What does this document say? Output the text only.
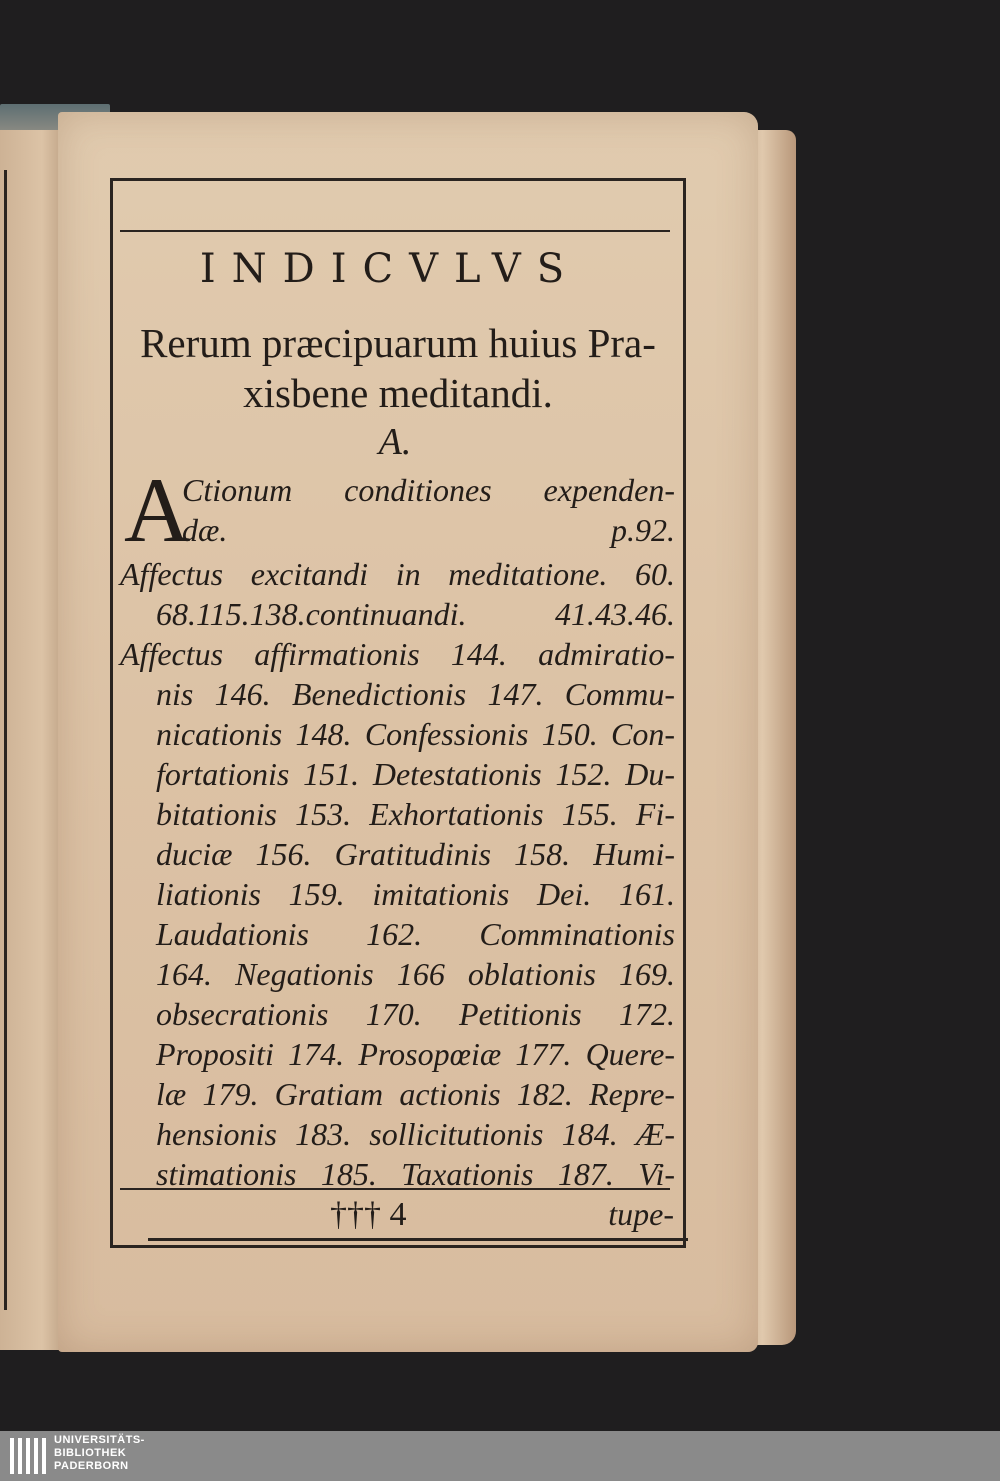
INDICVLVS
Rerum præcipuarum huius Pra-
xisbene meditandi.
A.
A
Ctionum conditiones expenden-
dæ. p.92.
Affectus excitandi in meditatione. 60.
68.115.138.continuandi. 41.43.46.
Affectus affirmationis 144. admiratio-
nis 146. Benedictionis 147. Commu-
nicationis 148. Confessionis 150. Con-
fortationis 151. Detestationis 152. Du-
bitationis 153. Exhortationis 155. Fi-
duciæ 156. Gratitudinis 158. Humi-
liationis 159. imitationis Dei. 161.
Laudationis 162. Comminationis
164. Negationis 166 oblationis 169.
obsecrationis 170. Petitionis 172.
Propositi 174. Prosopœiæ 177. Quere-
læ 179. Gratiam actionis 182. Repre-
hensionis 183. sollicitutionis 184. Æ-
stimationis 185. Taxationis 187. Vi-
††† 4	tupe-
UNIVERSITÄTS-
BIBLIOTHEK
PADERBORN
